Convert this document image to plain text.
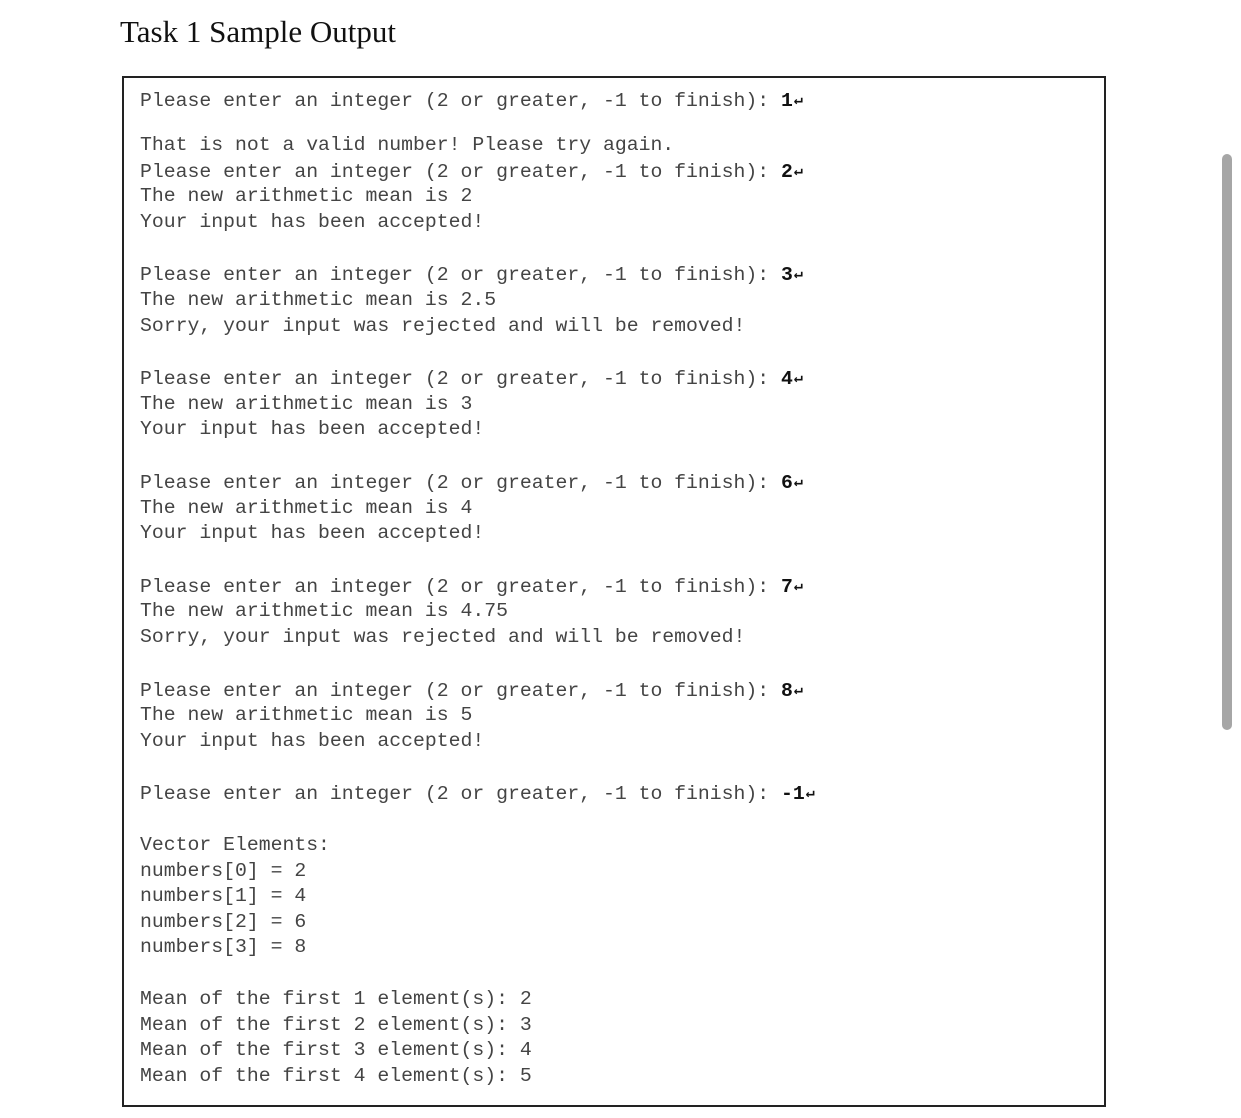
Task 1 Sample Output
Please enter an integer (2 or greater, -1 to finish): 1↵
That is not a valid number! Please try again.
Please enter an integer (2 or greater, -1 to finish): 2↵
The new arithmetic mean is 2
Your input has been accepted!
Please enter an integer (2 or greater, -1 to finish): 3↵
The new arithmetic mean is 2.5
Sorry, your input was rejected and will be removed!
Please enter an integer (2 or greater, -1 to finish): 4↵
The new arithmetic mean is 3
Your input has been accepted!
Please enter an integer (2 or greater, -1 to finish): 6↵
The new arithmetic mean is 4
Your input has been accepted!
Please enter an integer (2 or greater, -1 to finish): 7↵
The new arithmetic mean is 4.75
Sorry, your input was rejected and will be removed!
Please enter an integer (2 or greater, -1 to finish): 8↵
The new arithmetic mean is 5
Your input has been accepted!
Please enter an integer (2 or greater, -1 to finish): -1↵
Vector Elements:
numbers[0] = 2
numbers[1] = 4
numbers[2] = 6
numbers[3] = 8
Mean of the first 1 element(s): 2
Mean of the first 2 element(s): 3
Mean of the first 3 element(s): 4
Mean of the first 4 element(s): 5
